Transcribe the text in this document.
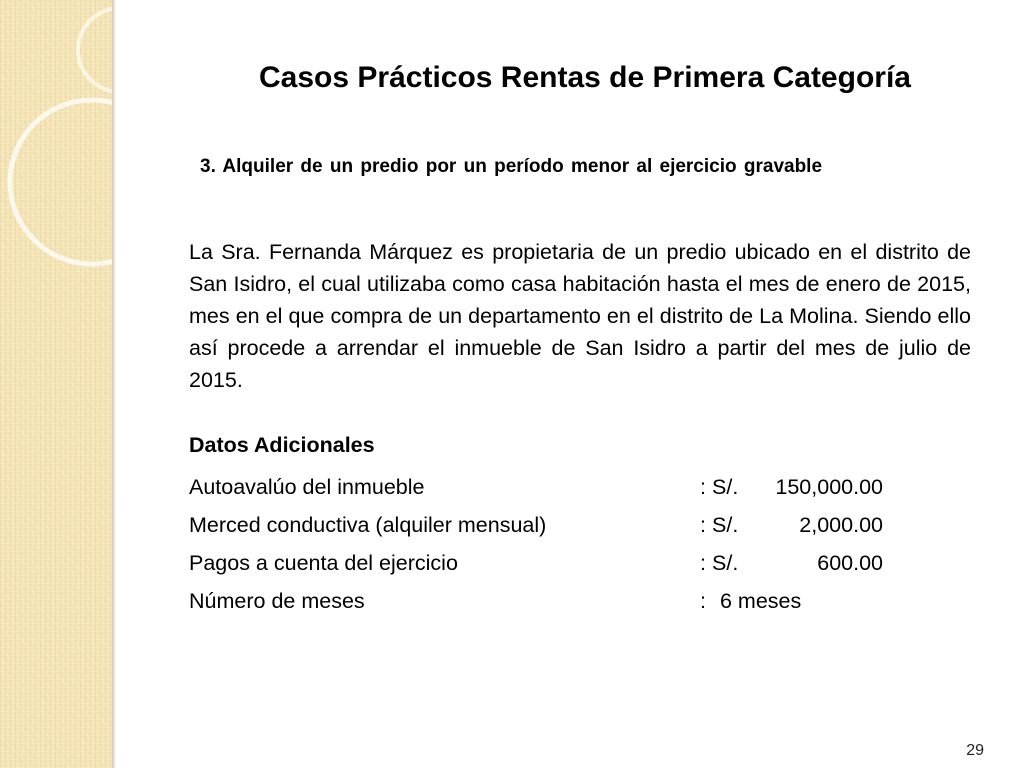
Casos Prácticos Rentas de Primera Categoría
3. Alquiler de un predio por un período menor al ejercicio gravable
La Sra. Fernanda Márquez es propietaria de un predio ubicado en el distrito de San Isidro, el cual utilizaba como casa habitación hasta el mes de enero de 2015, mes en el que compra de un departamento en el distrito de La Molina. Siendo ello así procede a arrendar el inmueble de San Isidro a partir del mes de julio de 2015.
Datos Adicionales
Autoavalúo del inmueble	: S/.	150,000.00
Merced conductiva (alquiler mensual)	: S/.	2,000.00
Pagos a cuenta del ejercicio	: S/.	600.00
Número de meses	: 6 meses
29
